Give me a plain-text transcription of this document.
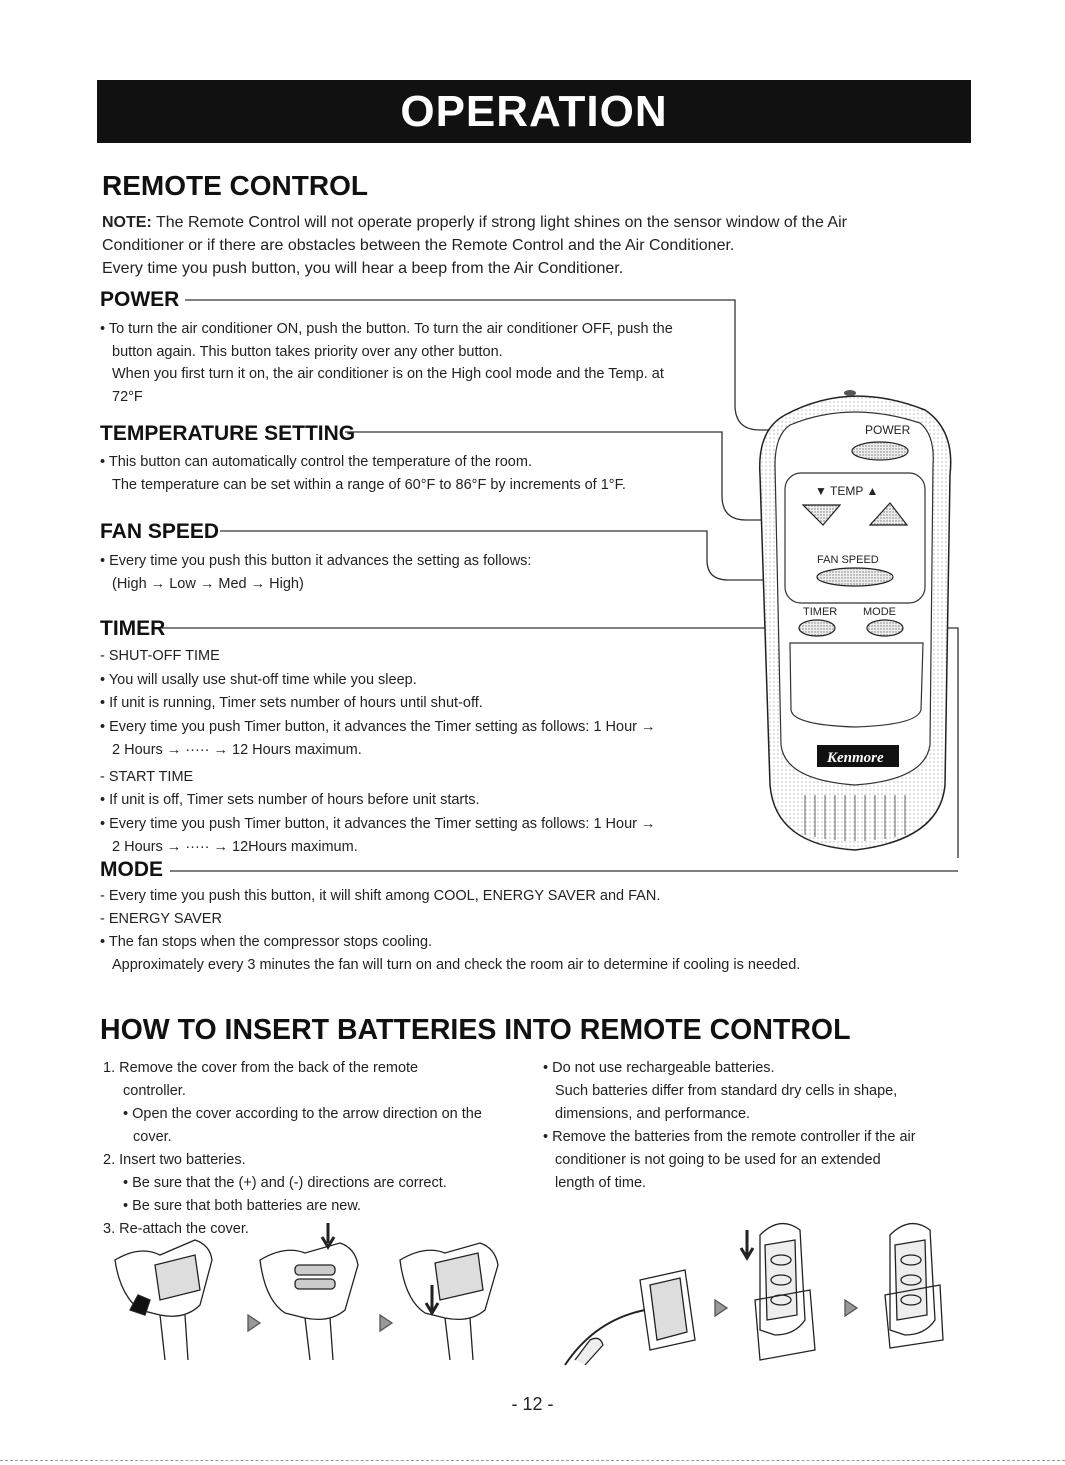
OPERATION
REMOTE CONTROL

NOTE: The Remote Control will not operate properly if strong light shines on the sensor window of the Air

Conditioner or if there are obstacles between the Remote Control and the Air Conditioner.

Every time you push button, you will hear a beep from the Air Conditioner.

POWER

• To turn the air conditioner ON, push the button. To turn the air conditioner OFF, push the

button again. This button takes priority over any other button.

When you first turn it on, the air conditioner is on the High cool mode and the Temp. at

72°F

TEMPERATURE SETTING

• This button can automatically control the temperature of the room.

The temperature can be set within a range of 60°F to 86°F by increments of 1°F.

FAN SPEED

• Every time you push this button it advances the setting as follows:

(High → Low → Med → High)

TIMER

- SHUT-OFF TIME

• You will usally use shut-off time while you sleep.

• If unit is running, Timer sets number of hours until shut-off.

• Every time you push Timer button, it advances the Timer setting as follows: 1 Hour →

2 Hours → ····· → 12 Hours maximum.

- START TIME

• If unit is off, Timer sets number of hours before unit starts.

• Every time you push Timer button, it advances the Timer setting as follows: 1 Hour →

2 Hours → ····· → 12Hours maximum.

MODE

- Every time you push this button, it will shift among COOL, ENERGY SAVER and FAN.

- ENERGY SAVER

• The fan stops when the compressor stops cooling.

Approximately every 3 minutes the fan will turn on and check the room air to determine if cooling is needed.

POWER
▼ TEMP ▲
FAN SPEED
TIMER MODE
Kenmore
HOW TO INSERT BATTERIES INTO REMOTE CONTROL

1. Remove the cover from the back of the remote

controller.

• Open the cover according to the arrow direction on the

cover.

2. Insert two batteries.

• Be sure that the (+) and (-) directions are correct.

• Be sure that both batteries are new.

3. Re-attach the cover.

• Do not use rechargeable batteries.

Such batteries differ from standard dry cells in shape,

dimensions, and performance.

• Remove the batteries from the remote controller if the air

conditioner is not going to be used for an extended

length of time.

- 12 -
